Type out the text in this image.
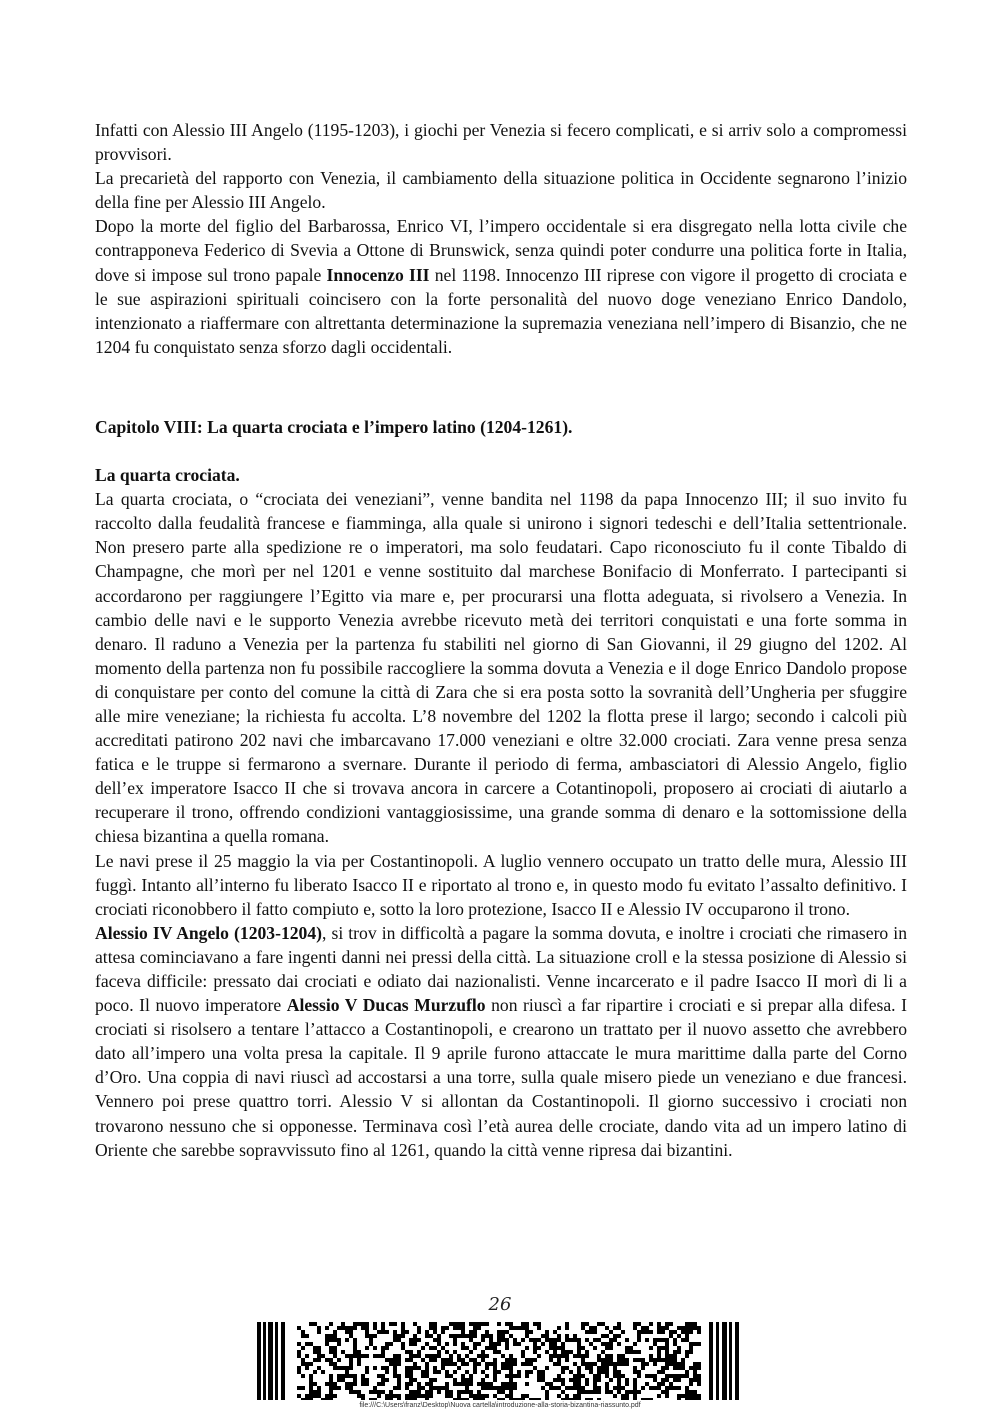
Infatti con Alessio III Angelo (1195-1203), i giochi per Venezia si fecero complicati, e si arriv solo a compromessi provvisori.

La precarietà del rapporto con Venezia, il cambiamento della situazione politica in Occidente segnarono l’inizio della fine per Alessio III Angelo.

Dopo la morte del figlio del Barbarossa, Enrico VI, l’impero occidentale si era disgregato nella lotta civile che contrapponeva Federico di Svevia a Ottone di Brunswick, senza quindi poter condurre una politica forte in Italia, dove si impose sul trono papale Innocenzo III nel 1198. Innocenzo III riprese con vigore il progetto di crociata e le sue aspirazioni spirituali coincisero con la forte personalità del nuovo doge veneziano Enrico Dandolo, intenzionato a riaffermare con altrettanta determinazione la supremazia veneziana nell’impero di Bisanzio, che ne 1204 fu conquistato senza sforzo dagli occidentali.

Capitolo VIII: La quarta crociata e l’impero latino (1204-1261).

La quarta crociata.

La quarta crociata, o “crociata dei veneziani”, venne bandita nel 1198 da papa Innocenzo III; il suo invito fu raccolto dalla feudalità francese e fiamminga, alla quale si unirono i signori tedeschi e dell’Italia settentrionale. Non presero parte alla spedizione re o imperatori, ma solo feudatari. Capo riconosciuto fu il conte Tibaldo di Champagne, che morì per nel 1201 e venne sostituito dal marchese Bonifacio di Monferrato. I partecipanti si accordarono per raggiungere l’Egitto via mare e, per procurarsi una flotta adeguata, si rivolsero a Venezia. In cambio delle navi e le supporto Venezia avrebbe ricevuto metà dei territori conquistati e una forte somma in denaro. Il raduno a Venezia per la partenza fu stabiliti nel giorno di San Giovanni, il 29 giugno del 1202. Al momento della partenza non fu possibile raccogliere la somma dovuta a Venezia e il doge Enrico Dandolo propose di conquistare per conto del comune la città di Zara che si era posta sotto la sovranità dell’Ungheria per sfuggire alle mire veneziane; la richiesta fu accolta. L’8 novembre del 1202 la flotta prese il largo; secondo i calcoli più accreditati patirono 202 navi che imbarcavano 17.000 veneziani e oltre 32.000 crociati. Zara venne presa senza fatica e le truppe si fermarono a svernare. Durante il periodo di ferma, ambasciatori di Alessio Angelo, figlio dell’ex imperatore Isacco II che si trovava ancora in carcere a Cotantinopoli, proposero ai crociati di aiutarlo a recuperare il trono, offrendo condizioni vantaggiosissime, una grande somma di denaro e la sottomissione della chiesa bizantina a quella romana.

Le navi prese il 25 maggio la via per Costantinopoli. A luglio vennero occupato un tratto delle mura, Alessio III fuggì. Intanto all’interno fu liberato Isacco II e riportato al trono e, in questo modo fu evitato l’assalto definitivo. I crociati riconobbero il fatto compiuto e, sotto la loro protezione, Isacco II e Alessio IV occuparono il trono.

Alessio IV Angelo (1203-1204), si trov in difficoltà a pagare la somma dovuta, e inoltre i crociati che rimasero in attesa cominciavano a fare ingenti danni nei pressi della città. La situazione croll e la stessa posizione di Alessio si faceva difficile: pressato dai crociati e odiato dai nazionalisti. Venne incarcerato e il padre Isacco II morì di li a poco. Il nuovo imperatore Alessio V Ducas Murzuflo non riuscì a far ripartire i crociati e si prepar alla difesa. I crociati si risolsero a tentare l’attacco a Costantinopoli, e crearono un trattato per il nuovo assetto che avrebbero dato all’impero una volta presa la capitale. Il 9 aprile furono attaccate le mura marittime dalla parte del Corno d’Oro. Una coppia di navi riuscì ad accostarsi a una torre, sulla quale misero piede un veneziano e due francesi. Vennero poi prese quattro torri. Alessio V si allontan da Costantinopoli. Il giorno successivo i crociati non trovarono nessuno che si opponesse. Terminava così l’età aurea delle crociate, dando vita ad un impero latino di Oriente che sarebbe sopravvissuto fino al 1261, quando la città venne ripresa dai bizantini.

26
file:///C:\Users\franz\Desktop\Nuova cartella\introduzione-alla-storia-bizantina-riassunto.pdf
